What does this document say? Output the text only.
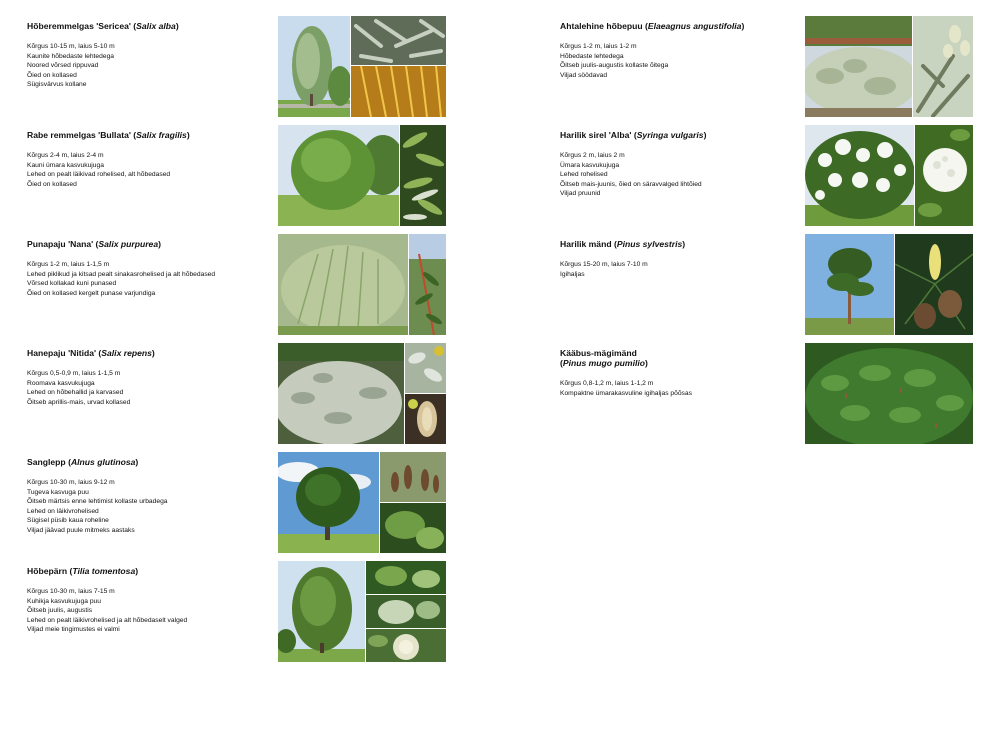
Hõberemmelgas 'Sericea' (Salix alba)
Kõrgus 10-15 m, laius 5-10 m
Kaunite hõbedaste lehtedega
Noored võrsed rippuvad
Õied on kollased
Sügisvärvus kollane
Rabe remmelgas 'Bullata' (Salix fragilis)
Kõrgus 2-4 m, laius 2-4 m
Kauni ümara kasvukujuga
Lehed on pealt läikivad rohelised, alt hõbedased
Õied on kollased
Punapaju 'Nana' (Salix purpurea)
Kõrgus 1-2 m, laius 1-1,5 m
Lehed piklikud ja kitsad pealt sinakasrohelised ja alt hõbedased
Võrsed kollakad kuni punased
Õied on kollased kergelt punase varjundiga
Hanepaju 'Nitida' (Salix repens)
Kõrgus 0,5-0,9 m, laius 1-1,5 m
Roomava kasvukujuga
Lehed on hõbehallid ja karvased
Õitseb aprillis-mais, urvad kollased
Sanglepp (Alnus glutinosa)
Kõrgus 10-30 m, laius 9-12 m
Tugeva kasvuga puu
Õitseb märtsis enne lehtimist kollaste urbadega
Lehed on läikivrohelised
Sügisel püsib kaua roheline
Viljad jäävad puule mitmeks aastaks
Hõbepärn (Tilia tomentosa)
Kõrgus 10-30 m, laius 7-15 m
Kuhikja kasvukujuga puu
Õitseb juulis, augustis
Lehed on pealt läikivrohelised ja alt hõbedaselt valged
Viljad meie tingimustes ei valmi
Ahtalehine hõbepuu (Elaeagnus angustifolia)
Kõrgus 1-2 m, laius 1-2 m
Hõbedaste lehtedega
Õitseb juulis-augustis kollaste õitega
Viljad söödavad
Harilik sirel 'Alba' (Syringa vulgaris)
Kõrgus 2 m, laius 2 m
Ümara kasvukujuga
Lehed rohelised
Õitseb mais-juunis, õied on säravvalged lihtõied
Viljad pruunid
Harilik mänd (Pinus sylvestris)
Kõrgus 15-20 m, laius 7-10 m
Igihaljas
Kääbus-mägimänd
(Pinus mugo pumilio)
Kõrgus 0,8-1,2 m, laius 1-1,2 m
Kompaktne ümarakasvuline igihaljas põõsas
